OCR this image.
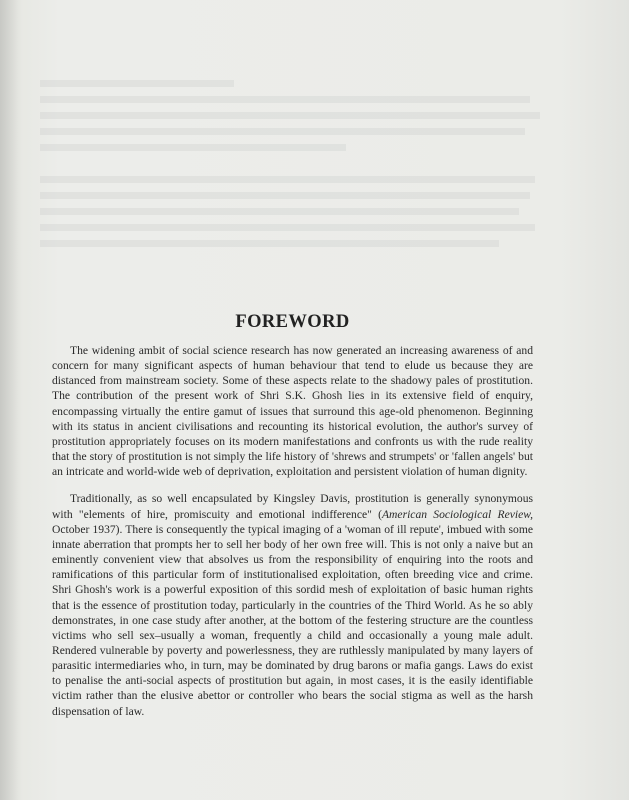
FOREWORD

The widening ambit of social science research has now generated an increasing awareness of and concern for many significant aspects of human behaviour that tend to elude us because they are distanced from mainstream society. Some of these aspects relate to the shadowy pales of prostitution. The contribution of the present work of Shri S.K. Ghosh lies in its extensive field of enquiry, encompassing virtually the entire gamut of issues that surround this age-old phenomenon. Beginning with its status in ancient civilisations and recounting its historical evolution, the author's survey of prostitution appropriately focuses on its modern manifestations and confronts us with the rude reality that the story of prostitution is not simply the life history of 'shrews and strumpets' or 'fallen angels' but an intricate and world-wide web of deprivation, exploitation and persistent violation of human dignity.

Traditionally, as so well encapsulated by Kingsley Davis, prostitution is generally synonymous with "elements of hire, promiscuity and emotional indifference" (American Sociological Review, October 1937). There is consequently the typical imaging of a 'woman of ill repute', imbued with some innate aberration that prompts her to sell her body of her own free will. This is not only a naive but an eminently convenient view that absolves us from the responsibility of enquiring into the roots and ramifications of this particular form of institutionalised exploitation, often breeding vice and crime. Shri Ghosh's work is a powerful exposition of this sordid mesh of exploitation of basic human rights that is the essence of prostitution today, particularly in the countries of the Third World. As he so ably demonstrates, in one case study after another, at the bottom of the festering structure are the countless victims who sell sex–usually a woman, frequently a child and occasionally a young male adult. Rendered vulnerable by poverty and powerlessness, they are ruthlessly manipulated by many layers of parasitic intermediaries who, in turn, may be dominated by drug barons or mafia gangs. Laws do exist to penalise the anti-social aspects of prostitution but again, in most cases, it is the easily identifiable victim rather than the elusive abettor or controller who bears the social stigma as well as the harsh dispensation of law.
